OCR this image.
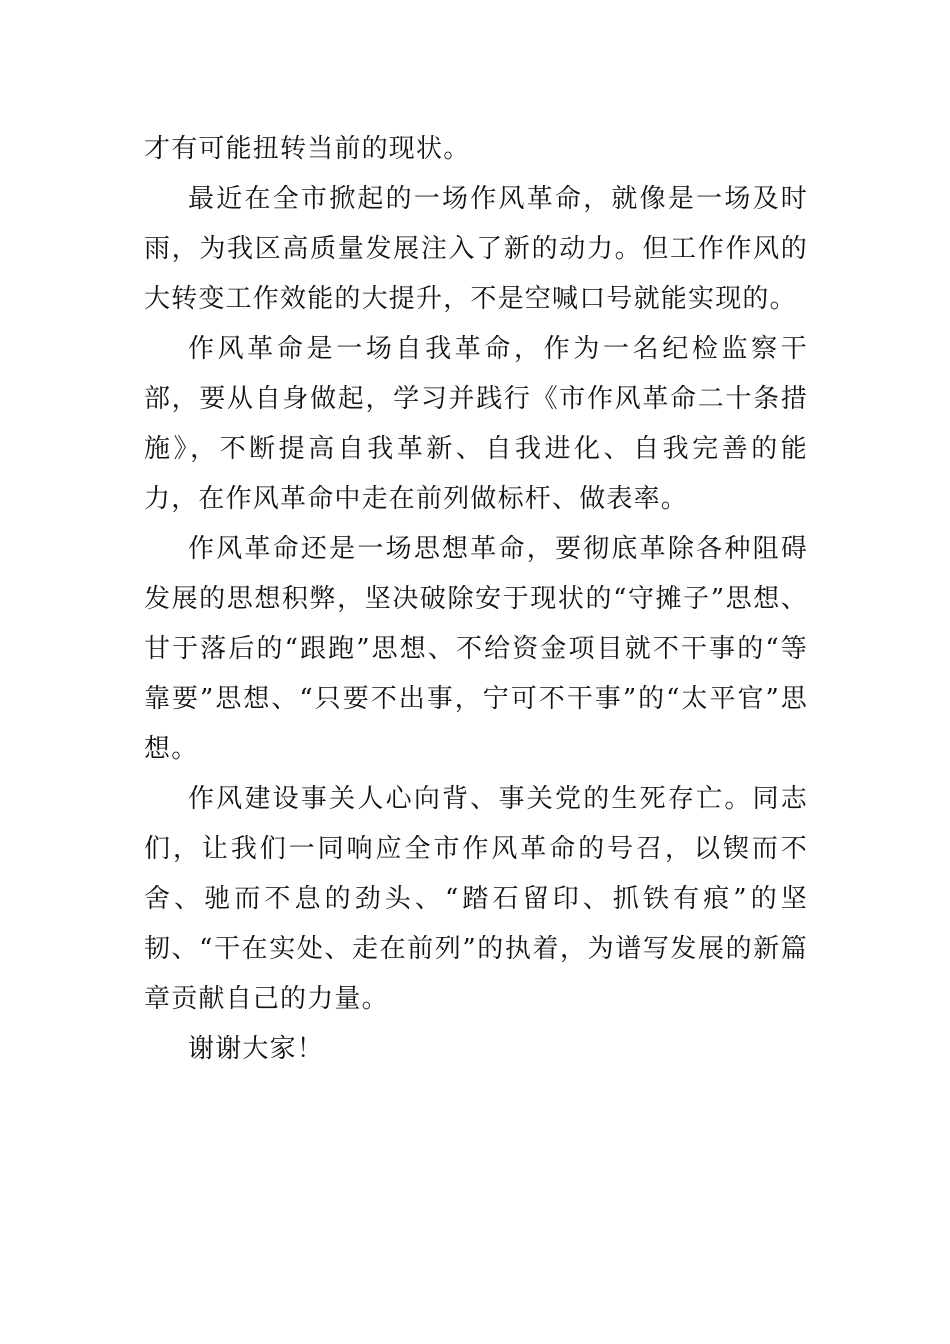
才有可能扭转当前的现状。

最近在全市掀起的一场作风革命，就像是一场及时雨，为我区高质量发展注入了新的动力。但工作作风的大转变工作效能的大提升，不是空喊口号就能实现的。

作风革命是一场自我革命，作为一名纪检监察干部，要从自身做起，学习并践行《市作风革命二十条措施》，不断提高自我革新、自我进化、自我完善的能力，在作风革命中走在前列做标杆、做表率。

作风革命还是一场思想革命，要彻底革除各种阻碍发展的思想积弊，坚决破除安于现状的“守摊子”思想、甘于落后的“跟跑”思想、不给资金项目就不干事的“等靠要”思想、“只要不出事，宁可不干事”的“太平官”思想。

作风建设事关人心向背、事关党的生死存亡。同志们，让我们一同响应全市作风革命的号召，以锲而不舍、驰而不息的劲头、“踏石留印、抓铁有痕”的坚韧、“干在实处、走在前列”的执着，为谱写发展的新篇章贡献自己的力量。

谢谢大家！
